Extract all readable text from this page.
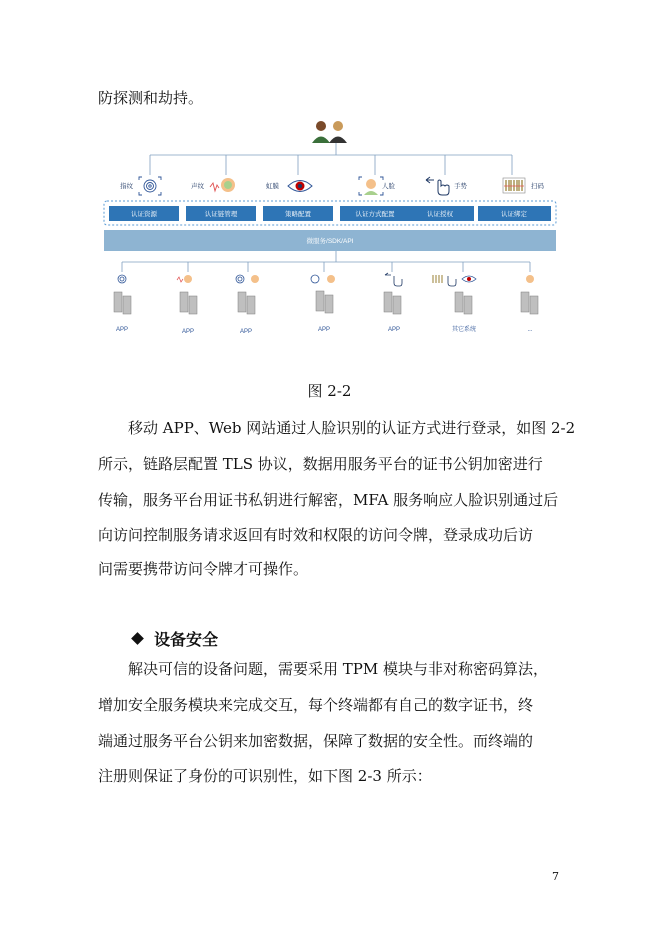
防探测和劫持。
指纹	声纹	虹膜	人脸	手势	扫码
认证资源	认证链管理	策略配置	认证方式配置	认证授权	认证绑定
微服务/SDK/API
APP	APP	APP	APP	APP	其它系统	...
图 2-2
移动 APP、Web 网站通过人脸识别的认证方式进行登录，如图 2-2
所示，链路层配置 TLS 协议，数据用服务平台的证书公钥加密进行
传输，服务平台用证书私钥进行解密，MFA 服务响应人脸识别通过后
向访问控制服务请求返回有时效和权限的访问令牌，登录成功后访
问需要携带访问令牌才可操作。
设备安全
解决可信的设备问题，需要采用 TPM 模块与非对称密码算法，
增加安全服务模块来完成交互，每个终端都有自己的数字证书，终
端通过服务平台公钥来加密数据，保障了数据的安全性。而终端的
注册则保证了身份的可识别性，如下图 2-3 所示：
7
